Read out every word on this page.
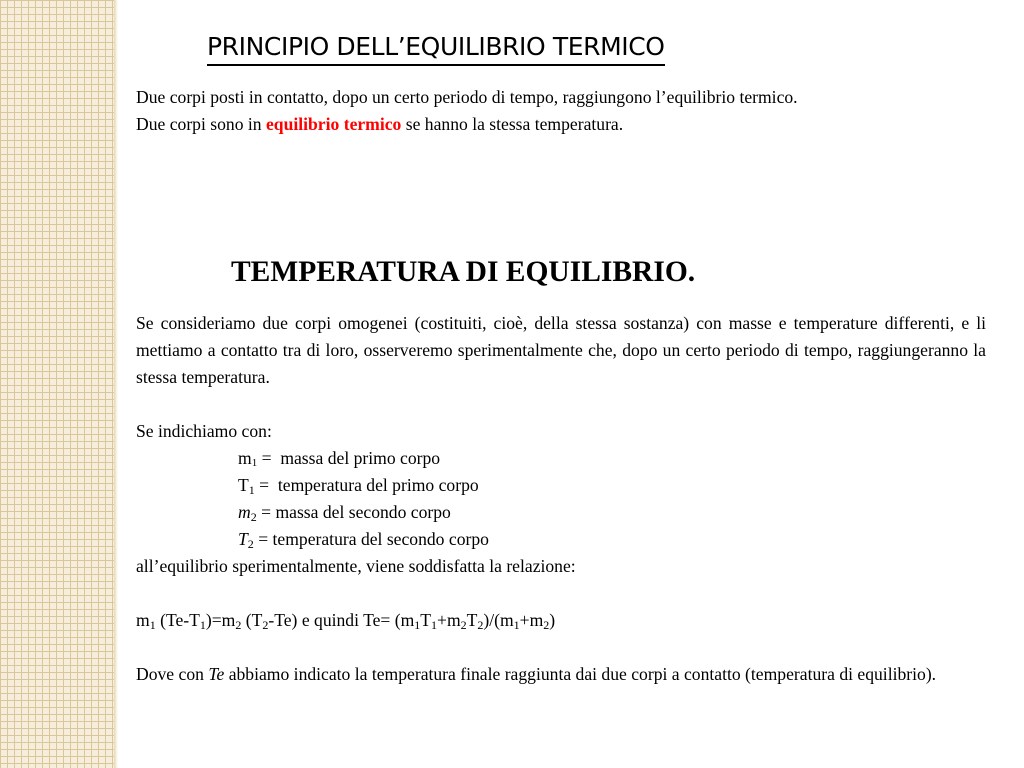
PRINCIPIO DELL’EQUILIBRIO TERMICO

Due corpi posti in contatto, dopo un certo periodo di tempo, raggiungono l’equilibrio termico.

Due corpi sono in equilibrio termico se hanno la stessa temperatura.

TEMPERATURA DI EQUILIBRIO.

Se consideriamo due corpi omogenei (costituiti, cioè, della stessa sostanza) con masse e temperature differenti, e li mettiamo a contatto tra di loro, osserveremo sperimentalmente che, dopo un certo periodo di tempo, raggiungeranno la stessa temperatura.

Se indichiamo con:

m1 =  massa del primo corpo

$T_1$ =  temperatura del primo corpo

$m_2$ = massa del secondo corpo

$T_2$ = temperatura del secondo corpo

all’equilibrio sperimentalmente, viene soddisfatta la relazione:

$m_1$ $(Te-T_1)=m_2$ $(T_2-Te)$ e quindi $Te= (m_1T_1+m_2T_2)/(m_1+m_2)$

Dove con Te abbiamo indicato la temperatura finale raggiunta dai due corpi a contatto (temperatura di equilibrio).
